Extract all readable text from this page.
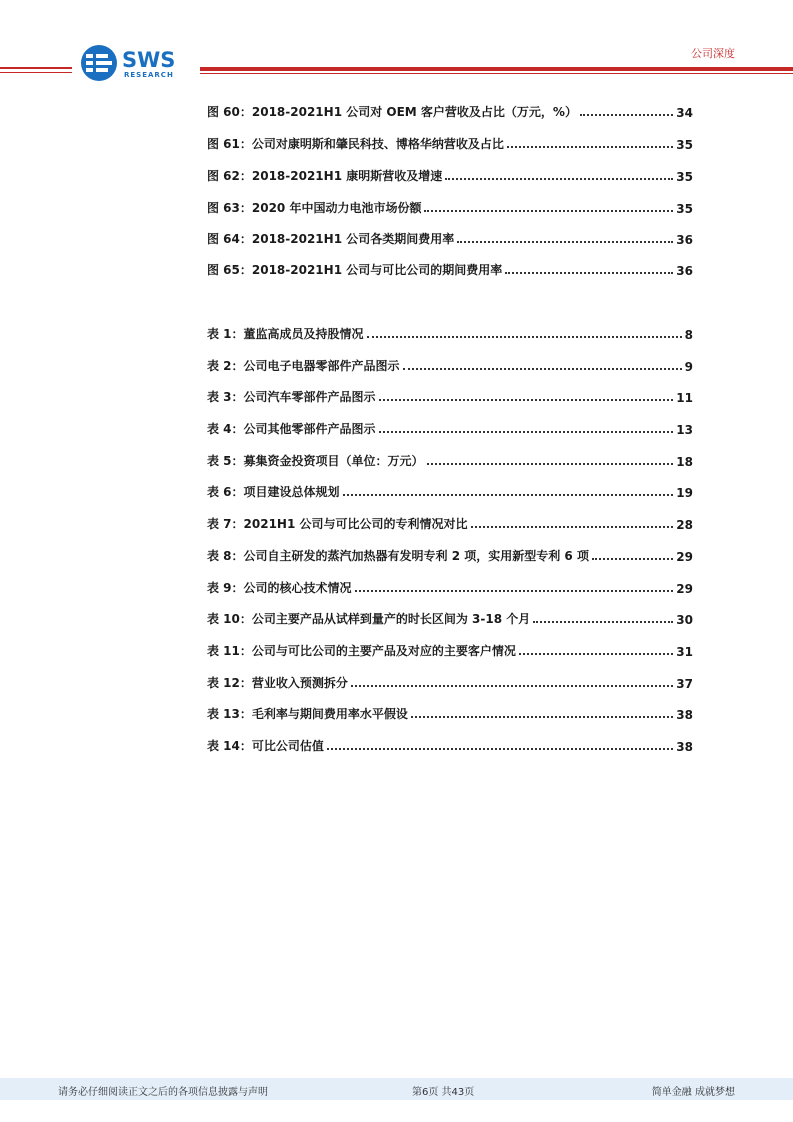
SWS
RESEARCH
公司深度
图 60：2018-2021H1 公司对 OEM 客户营收及占比（万元，%）	34
图 61：公司对康明斯和肇民科技、博格华纳营收及占比	35
图 62：2018-2021H1 康明斯营收及增速	35
图 63：2020 年中国动力电池市场份额	35
图 64：2018-2021H1 公司各类期间费用率	36
图 65：2018-2021H1 公司与可比公司的期间费用率	36
表 1：董监高成员及持股情况	8
表 2：公司电子电器零部件产品图示	9
表 3：公司汽车零部件产品图示	11
表 4：公司其他零部件产品图示	13
表 5：募集资金投资项目（单位：万元）	18
表 6：项目建设总体规划	19
表 7：2021H1 公司与可比公司的专利情况对比	28
表 8：公司自主研发的蒸汽加热器有发明专利 2 项，实用新型专利 6 项	29
表 9：公司的核心技术情况	29
表 10：公司主要产品从试样到量产的时长区间为 3-18 个月	30
表 11：公司与可比公司的主要产品及对应的主要客户情况	31
表 12：营业收入预测拆分	37
表 13：毛利率与期间费用率水平假设	38
表 14：可比公司估值	38
请务必仔细阅读正文之后的各项信息披露与声明	第6页 共43页	简单金融 成就梦想
